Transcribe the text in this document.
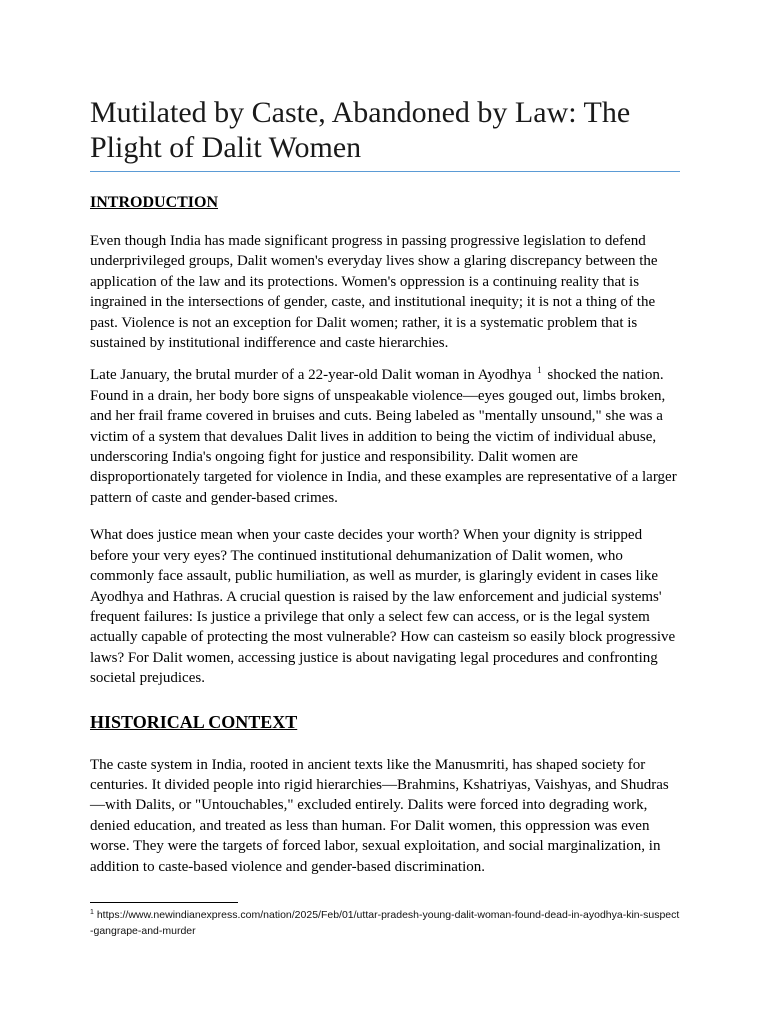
Mutilated by Caste, Abandoned by Law: The Plight of Dalit Women
INTRODUCTION

Even though India has made significant progress in passing progressive legislation to defend underprivileged groups, Dalit women's everyday lives show a glaring discrepancy between the application of the law and its protections. Women's oppression is a continuing reality that is ingrained in the intersections of gender, caste, and institutional inequity; it is not a thing of the past. Violence is not an exception for Dalit women; rather, it is a systematic problem that is sustained by institutional indifference and caste hierarchies.

Late January, the brutal murder of a 22-year-old Dalit woman in Ayodhya $^1$ shocked the nation. Found in a drain, her body bore signs of unspeakable violence—eyes gouged out, limbs broken, and her frail frame covered in bruises and cuts. Being labeled as "mentally unsound," she was a victim of a system that devalues Dalit lives in addition to being the victim of individual abuse, underscoring India's ongoing fight for justice and responsibility. Dalit women are disproportionately targeted for violence in India, and these examples are representative of a larger pattern of caste and gender-based crimes.

What does justice mean when your caste decides your worth? When your dignity is stripped before your very eyes? The continued institutional dehumanization of Dalit women, who commonly face assault, public humiliation, as well as murder, is glaringly evident in cases like Ayodhya and Hathras. A crucial question is raised by the law enforcement and judicial systems' frequent failures: Is justice a privilege that only a select few can access, or is the legal system actually capable of protecting the most vulnerable? How can casteism so easily block progressive laws? For Dalit women, accessing justice is about navigating legal procedures and confronting societal prejudices.

HISTORICAL CONTEXT

The caste system in India, rooted in ancient texts like the Manusmriti, has shaped society for centuries. It divided people into rigid hierarchies—Brahmins, Kshatriyas, Vaishyas, and Shudras—with Dalits, or "Untouchables," excluded entirely. Dalits were forced into degrading work, denied education, and treated as less than human. For Dalit women, this oppression was even worse. They were the targets of forced labor, sexual exploitation, and social marginalization, in addition to caste-based violence and gender-based discrimination.

$^1$ https://www.newindianexpress.com/nation/2025/Feb/01/uttar-pradesh-young-dalit-woman-found-dead-in-ayodhya-kin-suspect-gangrape-and-murder
